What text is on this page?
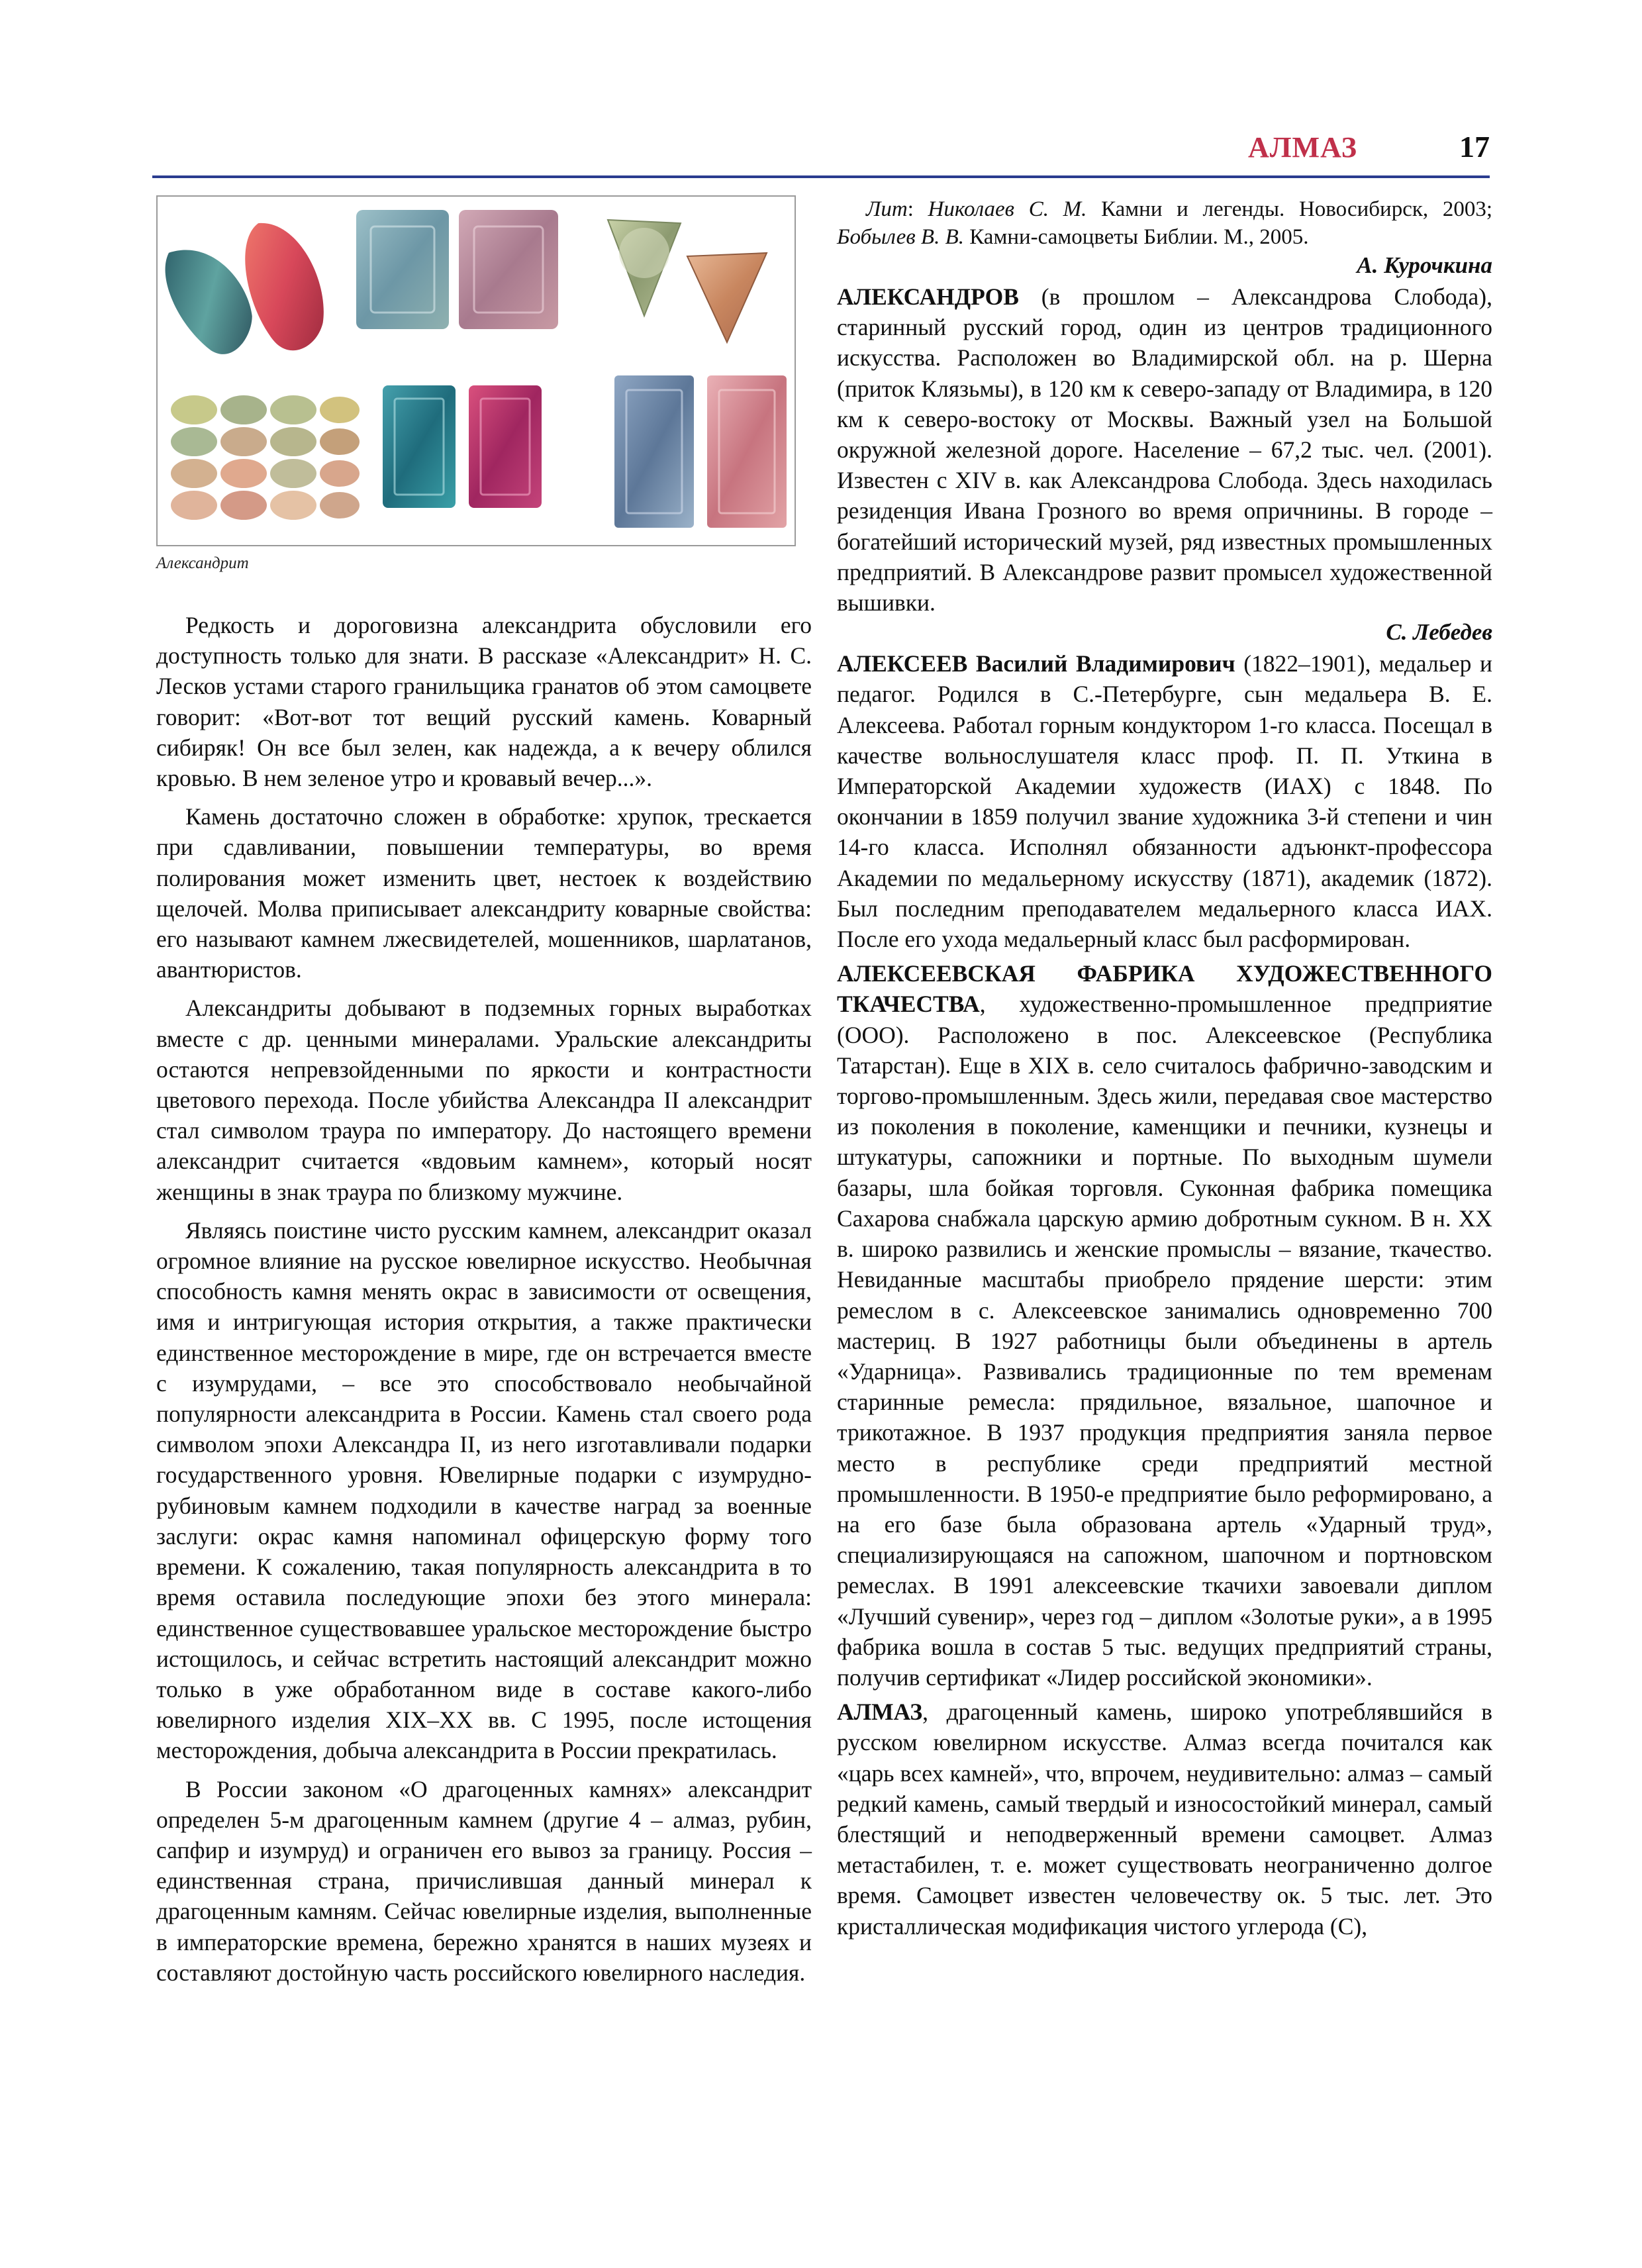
АЛМАЗ	17
Александрит

Редкость и дороговизна александрита обусловили его доступность только для знати. В рассказе «Александрит» Н. С. Лесков устами старого гранильщика гранатов об этом самоцвете говорит: «Вот-вот тот вещий русский камень. Коварный сибиряк! Он все был зелен, как надежда, а к вечеру облился кровью. В нем зеленое утро и кровавый вечер...».

Камень достаточно сложен в обработке: хрупок, трескается при сдавливании, повышении температуры, во время полирования может изменить цвет, нестоек к воздействию щелочей. Молва приписывает александриту коварные свойства: его называют камнем лжесвидетелей, мошенников, шарлатанов, авантюристов.

Александриты добывают в подземных горных выработках вместе с др. ценными минералами. Уральские александриты остаются непревзойденными по яркости и контрастности цветового перехода. После убийства Александра II александрит стал символом траура по императору. До настоящего времени александрит считается «вдовьим камнем», который носят женщины в знак траура по близкому мужчине.

Являясь поистине чисто русским камнем, александрит оказал огромное влияние на русское ювелирное искусство. Необычная способность камня менять окрас в зависимости от освещения, имя и интригующая история открытия, а также практически единственное месторождение в мире, где он встречается вместе с изумрудами, – все это способствовало необычайной популярности александрита в России. Камень стал своего рода символом эпохи Александра II, из него изготавливали подарки государственного уровня. Ювелирные подарки с изумрудно-рубиновым камнем подходили в качестве наград за военные заслуги: окрас камня напоминал офицерскую форму того времени. К сожалению, такая популярность александрита в то время оставила последующие эпохи без этого минерала: единственное существовавшее уральское месторождение быстро истощилось, и сейчас встретить настоящий александрит можно только в уже обработанном виде в составе какого-либо ювелирного изделия XIX–XX вв. С 1995, после истощения месторождения, добыча александрита в России прекратилась.

В России законом «О драгоценных камнях» александрит определен 5-м драгоценным камнем (другие 4 – алмаз, рубин, сапфир и изумруд) и ограничен его вывоз за границу. Россия – единственная страна, причислившая данный минерал к драгоценным камням. Сейчас ювелирные изделия, выполненные в императорские времена, бережно хранятся в наших музеях и составляют достойную часть российского ювелирного наследия.

Лит: Николаев С. М. Камни и легенды. Новосибирск, 2003; Бобылев В. В. Камни-самоцветы Библии. М., 2005.

А. Курочкина

АЛЕКСАНДРОВ (в прошлом – Александрова Слобода), старинный русский город, один из центров традиционного искусства. Расположен во Владимирской обл. на р. Шерна (приток Клязьмы), в 120 км к северо-западу от Владимира, в 120 км к северо-востоку от Москвы. Важный узел на Большой окружной железной дороге. Население – 67,2 тыс. чел. (2001). Известен с XIV в. как Александрова Слобода. Здесь находилась резиденция Ивана Грозного во время опричнины. В городе – богатейший исторический музей, ряд известных промышленных предприятий. В Александрове развит промысел художественной вышивки.

С. Лебедев

АЛЕКСЕЕВ Василий Владимирович (1822–1901), медальер и педагог. Родился в С.-Петербурге, сын медальера В. Е. Алексеева. Работал горным кондуктором 1-го класса. Посещал в качестве вольнослушателя класс проф. П. П. Уткина в Императорской Академии художеств (ИАХ) с 1848. По окончании в 1859 получил звание художника 3-й степени и чин 14-го класса. Исполнял обязанности адъюнкт-профессора Академии по медальерному искусству (1871), академик (1872). Был последним преподавателем медальерного класса ИАХ. После его ухода медальерный класс был расформирован.

АЛЕКСЕЕВСКАЯ ФАБРИКА ХУДОЖЕСТВЕННОГО ТКАЧЕСТВА, художественно-промышленное предприятие (ООО). Расположено в пос. Алексеевское (Республика Татарстан). Еще в XIX в. село считалось фабрично-заводским и торгово-промышленным. Здесь жили, передавая свое мастерство из поколения в поколение, каменщики и печники, кузнецы и штукатуры, сапожники и портные. По выходным шумели базары, шла бойкая торговля. Суконная фабрика помещика Сахарова снабжала царскую армию добротным сукном. В н. XX в. широко развились и женские промыслы – вязание, ткачество. Невиданные масштабы приобрело прядение шерсти: этим ремеслом в с. Алексеевское занимались одновременно 700 мастериц. В 1927 работницы были объединены в артель «Ударница». Развивались традиционные по тем временам старинные ремесла: прядильное, вязальное, шапочное и трикотажное. В 1937 продукция предприятия заняла первое место в республике среди предприятий местной промышленности. В 1950-е предприятие было реформировано, а на его базе была образована артель «Ударный труд», специализирующаяся на сапожном, шапочном и портновском ремеслах. В 1991 алексеевские ткачихи завоевали диплом «Лучший сувенир», через год – диплом «Золотые руки», а в 1995 фабрика вошла в состав 5 тыс. ведущих предприятий страны, получив сертификат «Лидер российской экономики».

АЛМАЗ, драгоценный камень, широко употреблявшийся в русском ювелирном искусстве. Алмаз всегда почитался как «царь всех камней», что, впрочем, неудивительно: алмаз – самый редкий камень, самый твердый и износостойкий минерал, самый блестящий и неподверженный времени самоцвет. Алмаз метастабилен, т. е. может существовать неограниченно долгое время. Самоцвет известен человечеству ок. 5 тыс. лет. Это кристаллическая модификация чистого углерода (С),
